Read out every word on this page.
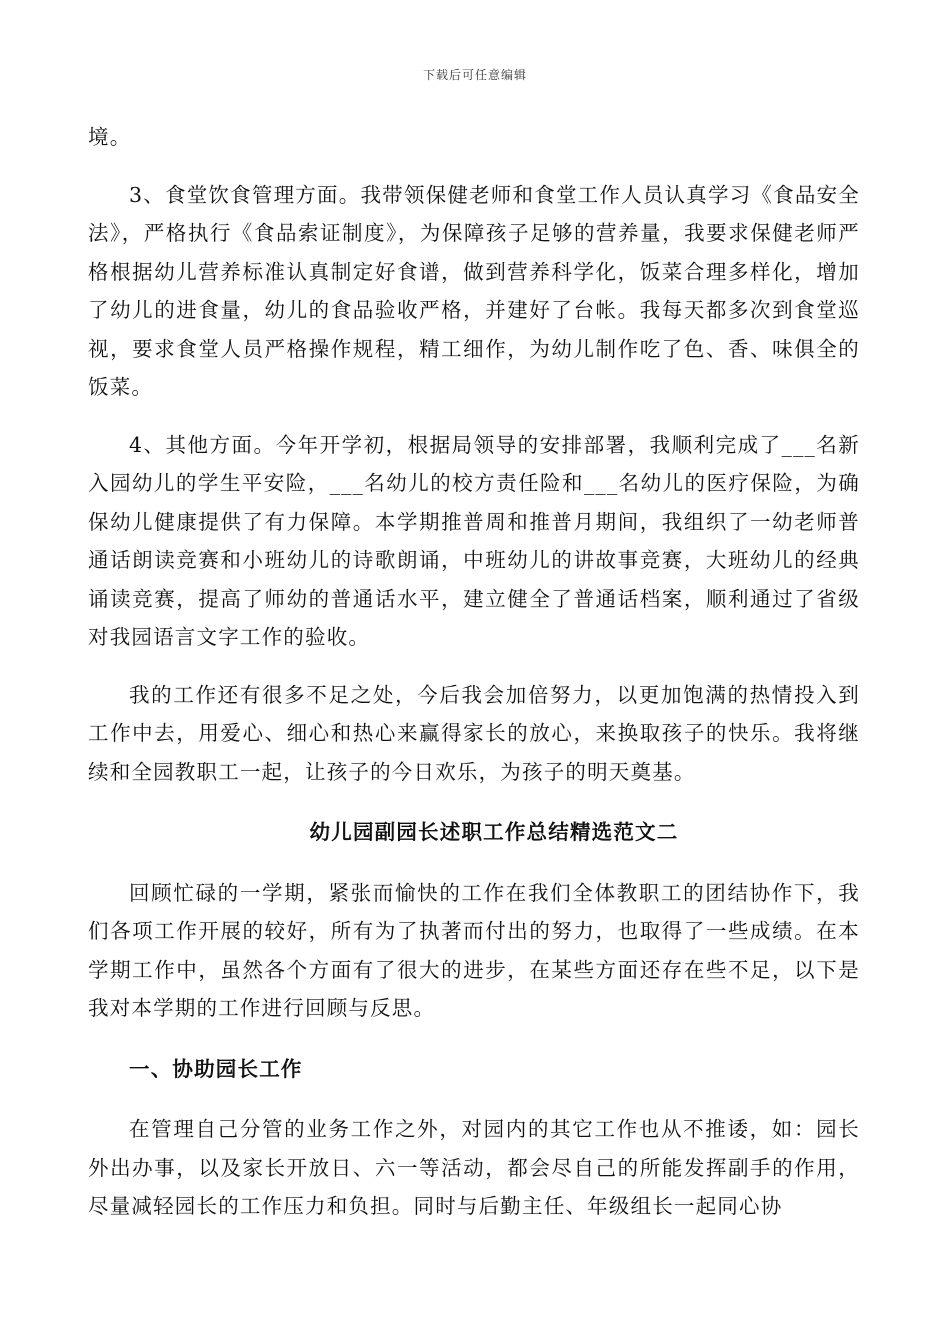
下载后可任意编辑

境。

3、食堂饮食管理方面。我带领保健老师和食堂工作人员认真学习《食品安全法》，严格执行《食品索证制度》，为保障孩子足够的营养量，我要求保健老师严格根据幼儿营养标准认真制定好食谱，做到营养科学化，饭菜合理多样化，增加了幼儿的进食量，幼儿的食品验收严格，并建好了台帐。我每天都多次到食堂巡视，要求食堂人员严格操作规程，精工细作，为幼儿制作吃了色、香、味俱全的饭菜。

4、其他方面。今年开学初，根据局领导的安排部署，我顺利完成了___名新入园幼儿的学生平安险，___名幼儿的校方责任险和___名幼儿的医疗保险，为确保幼儿健康提供了有力保障。本学期推普周和推普月期间，我组织了一幼老师普通话朗读竞赛和小班幼儿的诗歌朗诵，中班幼儿的讲故事竞赛，大班幼儿的经典诵读竞赛，提高了师幼的普通话水平，建立健全了普通话档案，顺利通过了省级对我园语言文字工作的验收。

我的工作还有很多不足之处，今后我会加倍努力，以更加饱满的热情投入到工作中去，用爱心、细心和热心来赢得家长的放心，来换取孩子的快乐。我将继续和全园教职工一起，让孩子的今日欢乐，为孩子的明天奠基。

幼儿园副园长述职工作总结精选范文二

回顾忙碌的一学期，紧张而愉快的工作在我们全体教职工的团结协作下，我们各项工作开展的较好，所有为了执著而付出的努力，也取得了一些成绩。在本学期工作中，虽然各个方面有了很大的进步，在某些方面还存在些不足，以下是我对本学期的工作进行回顾与反思。

一、协助园长工作

在管理自己分管的业务工作之外，对园内的其它工作也从不推诿，如：园长外出办事，以及家长开放日、六一等活动，都会尽自己的所能发挥副手的作用，尽量减轻园长的工作压力和负担。同时与后勤主任、年级组长一起同心协
